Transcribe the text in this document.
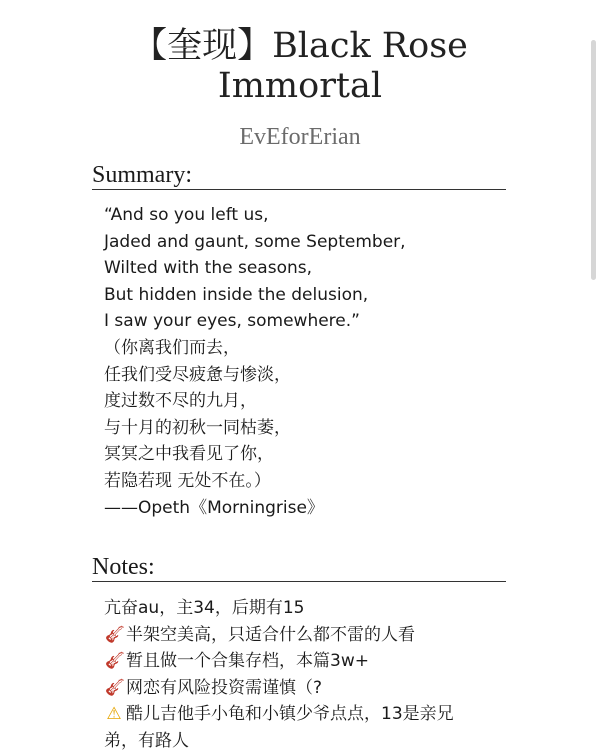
【奎现】Black Rose
Immortal
EvEforErian
Summary:
“And so you left us,
Jaded and gaunt, some September,
Wilted with the seasons,
But hidden inside the delusion,
I saw your eyes, somewhere.”
（你离我们而去，
任我们受尽疲惫与惨淡，
度过数不尽的九月，
与十月的初秋一同枯萎，
冥冥之中我看见了你，
若隐若现 无处不在。）
——Opeth《Morningrise》
Notes:
亢奋au，主34，后期有15
🎸︎半架空美高，只适合什么都不雷的人看
🎸︎暂且做一个合集存档，本篇3w+
🎸︎网恋有风险投资需谨慎（?
⚠ 酷儿吉他手小龟和小镇少爷点点，13是亲兄
弟，有路人
